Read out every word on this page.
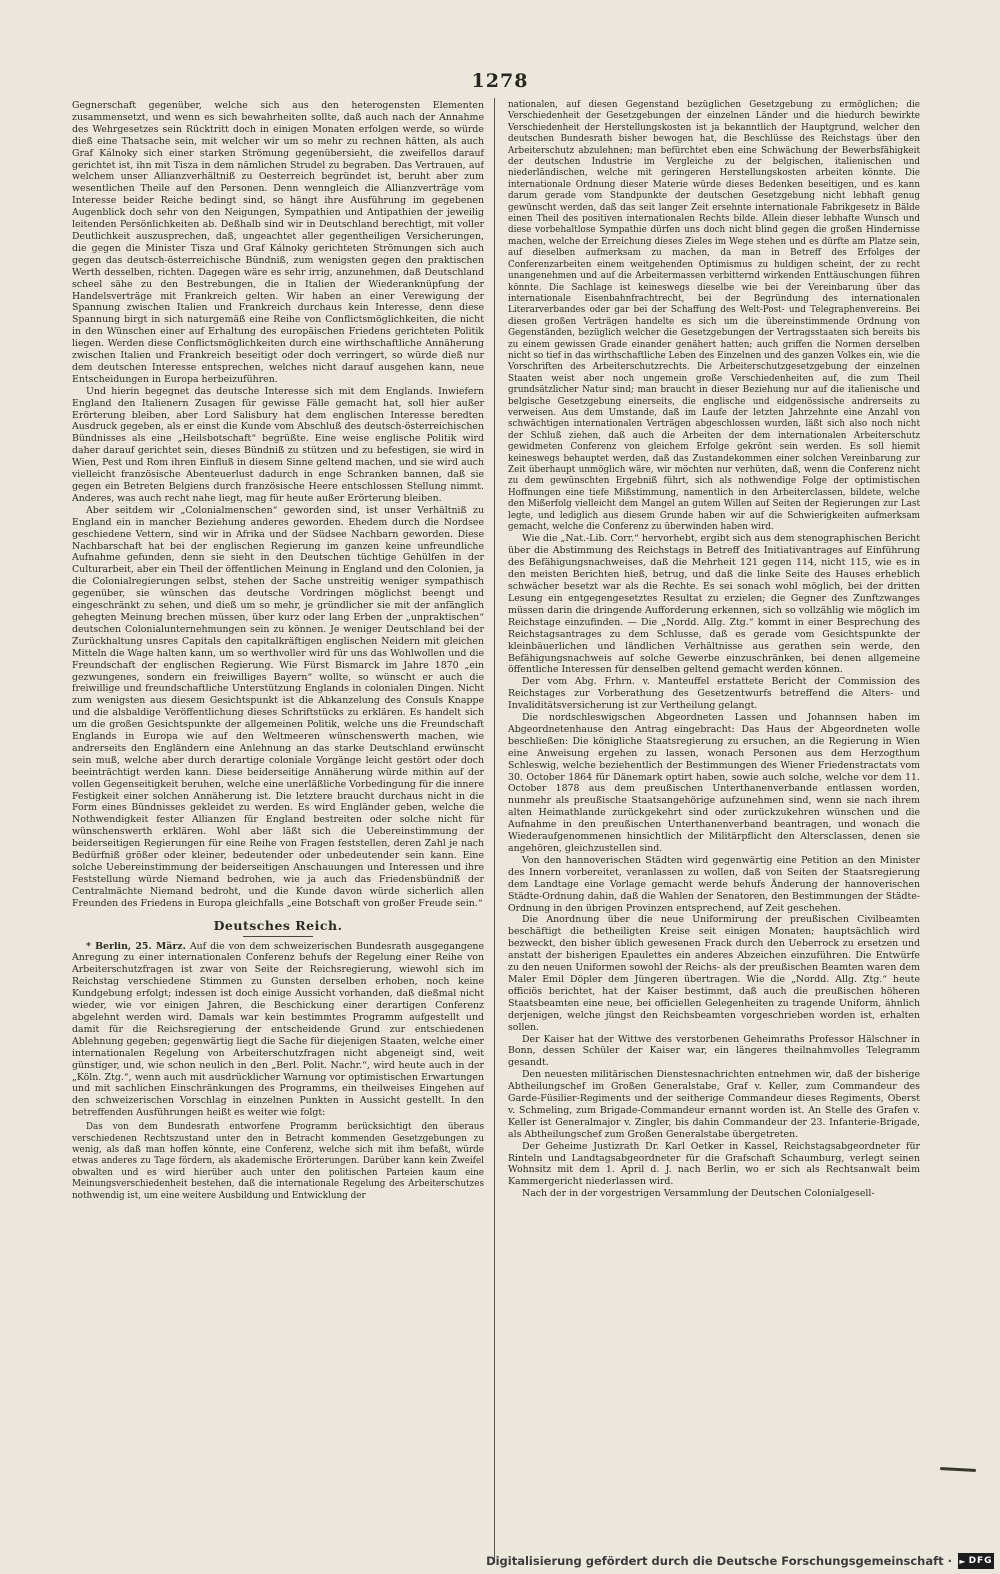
1278

Gegnerschaft gegenüber, welche sich aus den heterogensten Elementen zusammensetzt, und wenn es sich bewahrheiten sollte, daß auch nach der Annahme des Wehrgesetzes sein Rücktritt doch in einigen Monaten erfolgen werde, so würde dieß eine Thatsache sein, mit welcher wir um so mehr zu rechnen hätten, als auch Graf Kálnoky sich einer starken Strömung gegenübersieht, die zweifellos darauf gerichtet ist, ihn mit Tisza in dem nämlichen Strudel zu begraben. Das Vertrauen, auf welchem unser Allianzverhältniß zu Oesterreich begründet ist, beruht aber zum wesentlichen Theile auf den Personen. Denn wenngleich die Allianzverträge vom Interesse beider Reiche bedingt sind, so hängt ihre Ausführung im gegebenen Augenblick doch sehr von den Neigungen, Sympathien und Antipathien der jeweilig leitenden Persönlichkeiten ab. Deßhalb sind wir in Deutschland berechtigt, mit voller Deutlichkeit auszusprechen, daß, ungeachtet aller gegentheiligen Versicherungen, die gegen die Minister Tisza und Graf Kálnoky gerichteten Strömungen sich auch gegen das deutsch-österreichische Bündniß, zum wenigsten gegen den praktischen Werth desselben, richten. Dagegen wäre es sehr irrig, anzunehmen, daß Deutschland scheel sähe zu den Bestrebungen, die in Italien der Wiederanknüpfung der Handelsverträge mit Frankreich gelten. Wir haben an einer Verewigung der Spannung zwischen Italien und Frankreich durchaus kein Interesse, denn diese Spannung birgt in sich naturgemäß eine Reihe von Conflictsmöglichkeiten, die nicht in den Wünschen einer auf Erhaltung des europäischen Friedens gerichteten Politik liegen. Werden diese Conflictsmöglichkeiten durch eine wirthschaftliche Annäherung zwischen Italien und Frankreich beseitigt oder doch verringert, so würde dieß nur dem deutschen Interesse entsprechen, welches nicht darauf ausgehen kann, neue Entscheidungen in Europa herbeizuführen.

Und hierin begegnet das deutsche Interesse sich mit dem Englands. Inwiefern England den Italienern Zusagen für gewisse Fälle gemacht hat, soll hier außer Erörterung bleiben, aber Lord Salisbury hat dem englischen Interesse beredten Ausdruck gegeben, als er einst die Kunde vom Abschluß des deutsch-österreichischen Bündnisses als eine „Heilsbotschaft“ begrüßte. Eine weise englische Politik wird daher darauf gerichtet sein, dieses Bündniß zu stützen und zu befestigen, sie wird in Wien, Pest und Rom ihren Einfluß in diesem Sinne geltend machen, und sie wird auch vielleicht französische Abenteuerlust dadurch in enge Schranken bannen, daß sie gegen ein Betreten Belgiens durch französische Heere entschlossen Stellung nimmt. Anderes, was auch recht nahe liegt, mag für heute außer Erörterung bleiben.

Aber seitdem wir „Colonialmenschen“ geworden sind, ist unser Verhältniß zu England ein in mancher Beziehung anderes geworden. Ehedem durch die Nordsee geschiedene Vettern, sind wir in Afrika und der Südsee Nachbarn geworden. Diese Nachbarschaft hat bei der englischen Regierung im ganzen keine unfreundliche Aufnahme gefunden, denn sie sieht in den Deutschen tüchtige Gehülfen in der Culturarbeit, aber ein Theil der öffentlichen Meinung in England und den Colonien, ja die Colonialregierungen selbst, stehen der Sache unstreitig weniger sympathisch gegenüber, sie wünschen das deutsche Vordringen möglichst beengt und eingeschränkt zu sehen, und dieß um so mehr, je gründlicher sie mit der anfänglich gehegten Meinung brechen müssen, über kurz oder lang Erben der „unpraktischen“ deutschen Colonialunternehmungen sein zu können. Je weniger Deutschland bei der Zurückhaltung unsres Capitals den capitalkräftigen englischen Neidern mit gleichen Mitteln die Wage halten kann, um so werthvoller wird für uns das Wohlwollen und die Freundschaft der englischen Regierung. Wie Fürst Bismarck im Jahre 1870 „ein gezwungenes, sondern ein freiwilliges Bayern“ wollte, so wünscht er auch die freiwillige und freundschaftliche Unterstützung Englands in colonialen Dingen. Nicht zum wenigsten aus diesem Gesichtspunkt ist die Abkanzelung des Consuls Knappe und die alsbaldige Veröffentlichung dieses Schriftstücks zu erklären. Es handelt sich um die großen Gesichtspunkte der allgemeinen Politik, welche uns die Freundschaft Englands in Europa wie auf den Weltmeeren wünschenswerth machen, wie andrerseits den Engländern eine Anlehnung an das starke Deutschland erwünscht sein muß, welche aber durch derartige coloniale Vorgänge leicht gestört oder doch beeinträchtigt werden kann. Diese beiderseitige Annäherung würde mithin auf der vollen Gegenseitigkeit beruhen, welche eine unerläßliche Vorbedingung für die innere Festigkeit einer solchen Annäherung ist. Die letztere braucht durchaus nicht in die Form eines Bündnisses gekleidet zu werden. Es wird Engländer geben, welche die Nothwendigkeit fester Allianzen für England bestreiten oder solche nicht für wünschenswerth erklären. Wohl aber läßt sich die Uebereinstimmung der beiderseitigen Regierungen für eine Reihe von Fragen feststellen, deren Zahl je nach Bedürfniß größer oder kleiner, bedeutender oder unbedeutender sein kann. Eine solche Uebereinstimmung der beiderseitigen Anschauungen und Interessen und ihre Feststellung würde Niemand bedrohen, wie ja auch das Friedensbündniß der Centralmächte Niemand bedroht, und die Kunde davon würde sicherlich allen Freunden des Friedens in Europa gleichfalls „eine Botschaft von großer Freude sein.“

Deutsches Reich.

* Berlin, 25. März. Auf die von dem schweizerischen Bundesrath ausgegangene Anregung zu einer internationalen Conferenz behufs der Regelung einer Reihe von Arbeiterschutzfragen ist zwar von Seite der Reichsregierung, wiewohl sich im Reichstag verschiedene Stimmen zu Gunsten derselben erhoben, noch keine Kundgebung erfolgt; indessen ist doch einige Aussicht vorhanden, daß dießmal nicht wieder, wie vor einigen Jahren, die Beschickung einer derartigen Conferenz abgelehnt werden wird. Damals war kein bestimmtes Programm aufgestellt und damit für die Reichsregierung der entscheidende Grund zur entschiedenen Ablehnung gegeben; gegenwärtig liegt die Sache für diejenigen Staaten, welche einer internationalen Regelung von Arbeiterschutzfragen nicht abgeneigt sind, weit günstiger, und, wie schon neulich in den „Berl. Polit. Nachr.“, wird heute auch in der „Köln. Ztg.“, wenn auch mit ausdrücklicher Warnung vor optimistischen Erwartungen und mit sachlichen Einschränkungen des Programms, ein theilweises Eingehen auf den schweizerischen Vorschlag in einzelnen Punkten in Aussicht gestellt. In den betreffenden Ausführungen heißt es weiter wie folgt:

Das von dem Bundesrath entworfene Programm berücksichtigt den überaus verschiedenen Rechtszustand unter den in Betracht kommenden Gesetzgebungen zu wenig, als daß man hoffen könnte, eine Conferenz, welche sich mit ihm befaßt, würde etwas anderes zu Tage fördern, als akademische Erörterungen. Darüber kann kein Zweifel obwalten und es wird hierüber auch unter den politischen Parteien kaum eine Meinungsverschiedenheit bestehen, daß die internationale Regelung des Arbeiterschutzes nothwendig ist, um eine weitere Ausbildung und Entwicklung der

nationalen, auf diesen Gegenstand bezüglichen Gesetzgebung zu ermöglichen; die Verschiedenheit der Gesetzgebungen der einzelnen Länder und die hiedurch bewirkte Verschiedenheit der Herstellungskosten ist ja bekanntlich der Hauptgrund, welcher den deutschen Bundesrath bisher bewogen hat, die Beschlüsse des Reichstags über den Arbeiterschutz abzulehnen; man befürchtet eben eine Schwächung der Bewerbsfähigkeit der deutschen Industrie im Vergleiche zu der belgischen, italienischen und niederländischen, welche mit geringeren Herstellungskosten arbeiten könnte. Die internationale Ordnung dieser Materie würde dieses Bedenken beseitigen, und es kann darum gerade vom Standpunkte der deutschen Gesetzgebung nicht lebhaft genug gewünscht werden, daß das seit langer Zeit ersehnte internationale Fabrikgesetz in Bälde einen Theil des positiven internationalen Rechts bilde. Allein dieser lebhafte Wunsch und diese vorbehaltlose Sympathie dürfen uns doch nicht blind gegen die großen Hindernisse machen, welche der Erreichung dieses Zieles im Wege stehen und es dürfte am Platze sein, auf dieselben aufmerksam zu machen, da man in Betreff des Erfolges der Conferenzarbeiten einem weitgehenden Optimismus zu huldigen scheint, der zu recht unangenehmen und auf die Arbeitermassen verbitternd wirkenden Enttäuschungen führen könnte. Die Sachlage ist keineswegs dieselbe wie bei der Vereinbarung über das internationale Eisenbahnfrachtrecht, bei der Begründung des internationalen Literarverbandes oder gar bei der Schaffung des Welt-Post- und Telegraphenvereins. Bei diesen großen Verträgen handelte es sich um die übereinstimmende Ordnung von Gegenständen, bezüglich welcher die Gesetzgebungen der Vertragsstaaten sich bereits bis zu einem gewissen Grade einander genähert hatten; auch griffen die Normen derselben nicht so tief in das wirthschaftliche Leben des Einzelnen und des ganzen Volkes ein, wie die Vorschriften des Arbeiterschutzrechts. Die Arbeiterschutzgesetzgebung der einzelnen Staaten weist aber noch ungemein große Verschiedenheiten auf, die zum Theil grundsätzlicher Natur sind; man braucht in dieser Beziehung nur auf die italienische und belgische Gesetzgebung einerseits, die englische und eidgenössische andrerseits zu verweisen. Aus dem Umstande, daß im Laufe der letzten Jahrzehnte eine Anzahl von schwächtigen internationalen Verträgen abgeschlossen wurden, läßt sich also noch nicht der Schluß ziehen, daß auch die Arbeiten der dem internationalen Arbeiterschutz gewidmeten Conferenz von gleichem Erfolge gekrönt sein werden. Es soll hiemit keineswegs behauptet werden, daß das Zustandekommen einer solchen Vereinbarung zur Zeit überhaupt unmöglich wäre, wir möchten nur verhüten, daß, wenn die Conferenz nicht zu dem gewünschten Ergebniß führt, sich als nothwendige Folge der optimistischen Hoffnungen eine tiefe Mißstimmung, namentlich in den Arbeiterclassen, bildete, welche den Mißerfolg vielleicht dem Mangel an gutem Willen auf Seiten der Regierungen zur Last legte, und lediglich aus diesem Grunde haben wir auf die Schwierigkeiten aufmerksam gemacht, welche die Conferenz zu überwinden haben wird.

Wie die „Nat.-Lib. Corr.“ hervorhebt, ergibt sich aus dem stenographischen Bericht über die Abstimmung des Reichstags in Betreff des Initiativantrages auf Einführung des Befähigungsnachweises, daß die Mehrheit 121 gegen 114, nicht 115, wie es in den meisten Berichten hieß, betrug, und daß die linke Seite des Hauses erheblich schwächer besetzt war als die Rechte. Es sei sonach wohl möglich, bei der dritten Lesung ein entgegengesetztes Resultat zu erzielen; die Gegner des Zunftzwanges müssen darin die dringende Aufforderung erkennen, sich so vollzählig wie möglich im Reichstage einzufinden. — Die „Nordd. Allg. Ztg.“ kommt in einer Besprechung des Reichstagsantrages zu dem Schlusse, daß es gerade vom Gesichtspunkte der kleinbäuerlichen und ländlichen Verhältnisse aus gerathen sein werde, den Befähigungsnachweis auf solche Gewerbe einzuschränken, bei denen allgemeine öffentliche Interessen für denselben geltend gemacht werden können.

Der vom Abg. Frhrn. v. Manteuffel erstattete Bericht der Commission des Reichstages zur Vorberathung des Gesetzentwurfs betreffend die Alters- und Invaliditätsversicherung ist zur Vertheilung gelangt.

Die nordschleswigschen Abgeordneten Lassen und Johannsen haben im Abgeordnetenhause den Antrag eingebracht: Das Haus der Abgeordneten wolle beschließen: Die königliche Staatsregierung zu ersuchen, an die Regierung in Wien eine Anweisung ergehen zu lassen, wonach Personen aus dem Herzogthum Schleswig, welche beziehentlich der Bestimmungen des Wiener Friedenstractats vom 30. October 1864 für Dänemark optirt haben, sowie auch solche, welche vor dem 11. October 1878 aus dem preußischen Unterthanenverbande entlassen worden, nunmehr als preußische Staatsangehörige aufzunehmen sind, wenn sie nach ihrem alten Heimathlande zurückgekehrt sind oder zurückzukehren wünschen und die Aufnahme in den preußischen Unterthanenverband beantragen, und wonach die Wiederaufgenommenen hinsichtlich der Militärpflicht den Altersclassen, denen sie angehören, gleichzustellen sind.

Von den hannoverischen Städten wird gegenwärtig eine Petition an den Minister des Innern vorbereitet, veranlassen zu wollen, daß von Seiten der Staatsregierung dem Landtage eine Vorlage gemacht werde behufs Änderung der hannoverischen Städte-Ordnung dahin, daß die Wahlen der Senatoren, den Bestimmungen der Städte-Ordnung in den übrigen Provinzen entsprechend, auf Zeit geschehen.

Die Anordnung über die neue Uniformirung der preußischen Civilbeamten beschäftigt die betheiligten Kreise seit einigen Monaten; hauptsächlich wird bezweckt, den bisher üblich gewesenen Frack durch den Ueberrock zu ersetzen und anstatt der bisherigen Epaulettes ein anderes Abzeichen einzuführen. Die Entwürfe zu den neuen Uniformen sowohl der Reichs- als der preußischen Beamten waren dem Maler Emil Döpler dem Jüngeren übertragen. Wie die „Nordd. Allg. Ztg.“ heute officiös berichtet, hat der Kaiser bestimmt, daß auch die preußischen höheren Staatsbeamten eine neue, bei officiellen Gelegenheiten zu tragende Uniform, ähnlich derjenigen, welche jüngst den Reichsbeamten vorgeschrieben worden ist, erhalten sollen.

Der Kaiser hat der Wittwe des verstorbenen Geheimraths Professor Hälschner in Bonn, dessen Schüler der Kaiser war, ein längeres theilnahmvolles Telegramm gesandt.

Den neuesten militärischen Dienstesnachrichten entnehmen wir, daß der bisherige Abtheilungschef im Großen Generalstabe, Graf v. Keller, zum Commandeur des Garde-Füsilier-Regiments und der seitherige Commandeur dieses Regiments, Oberst v. Schmeling, zum Brigade-Commandeur ernannt worden ist. An Stelle des Grafen v. Keller ist Generalmajor v. Zingler, bis dahin Commandeur der 23. Infanterie-Brigade, als Abtheilungschef zum Großen Generalstabe übergetreten.

Der Geheime Justizrath Dr. Karl Oetker in Kassel, Reichstagsabgeordneter für Rinteln und Landtagsabgeordneter für die Grafschaft Schaumburg, verlegt seinen Wohnsitz mit dem 1. April d. J. nach Berlin, wo er sich als Rechtsanwalt beim Kammergericht niederlassen wird.

Nach der in der vorgestrigen Versammlung der Deutschen Colonialgesell-

Digitalisierung gefördert durch die Deutsche Forschungsgemeinschaft · ► DFG
